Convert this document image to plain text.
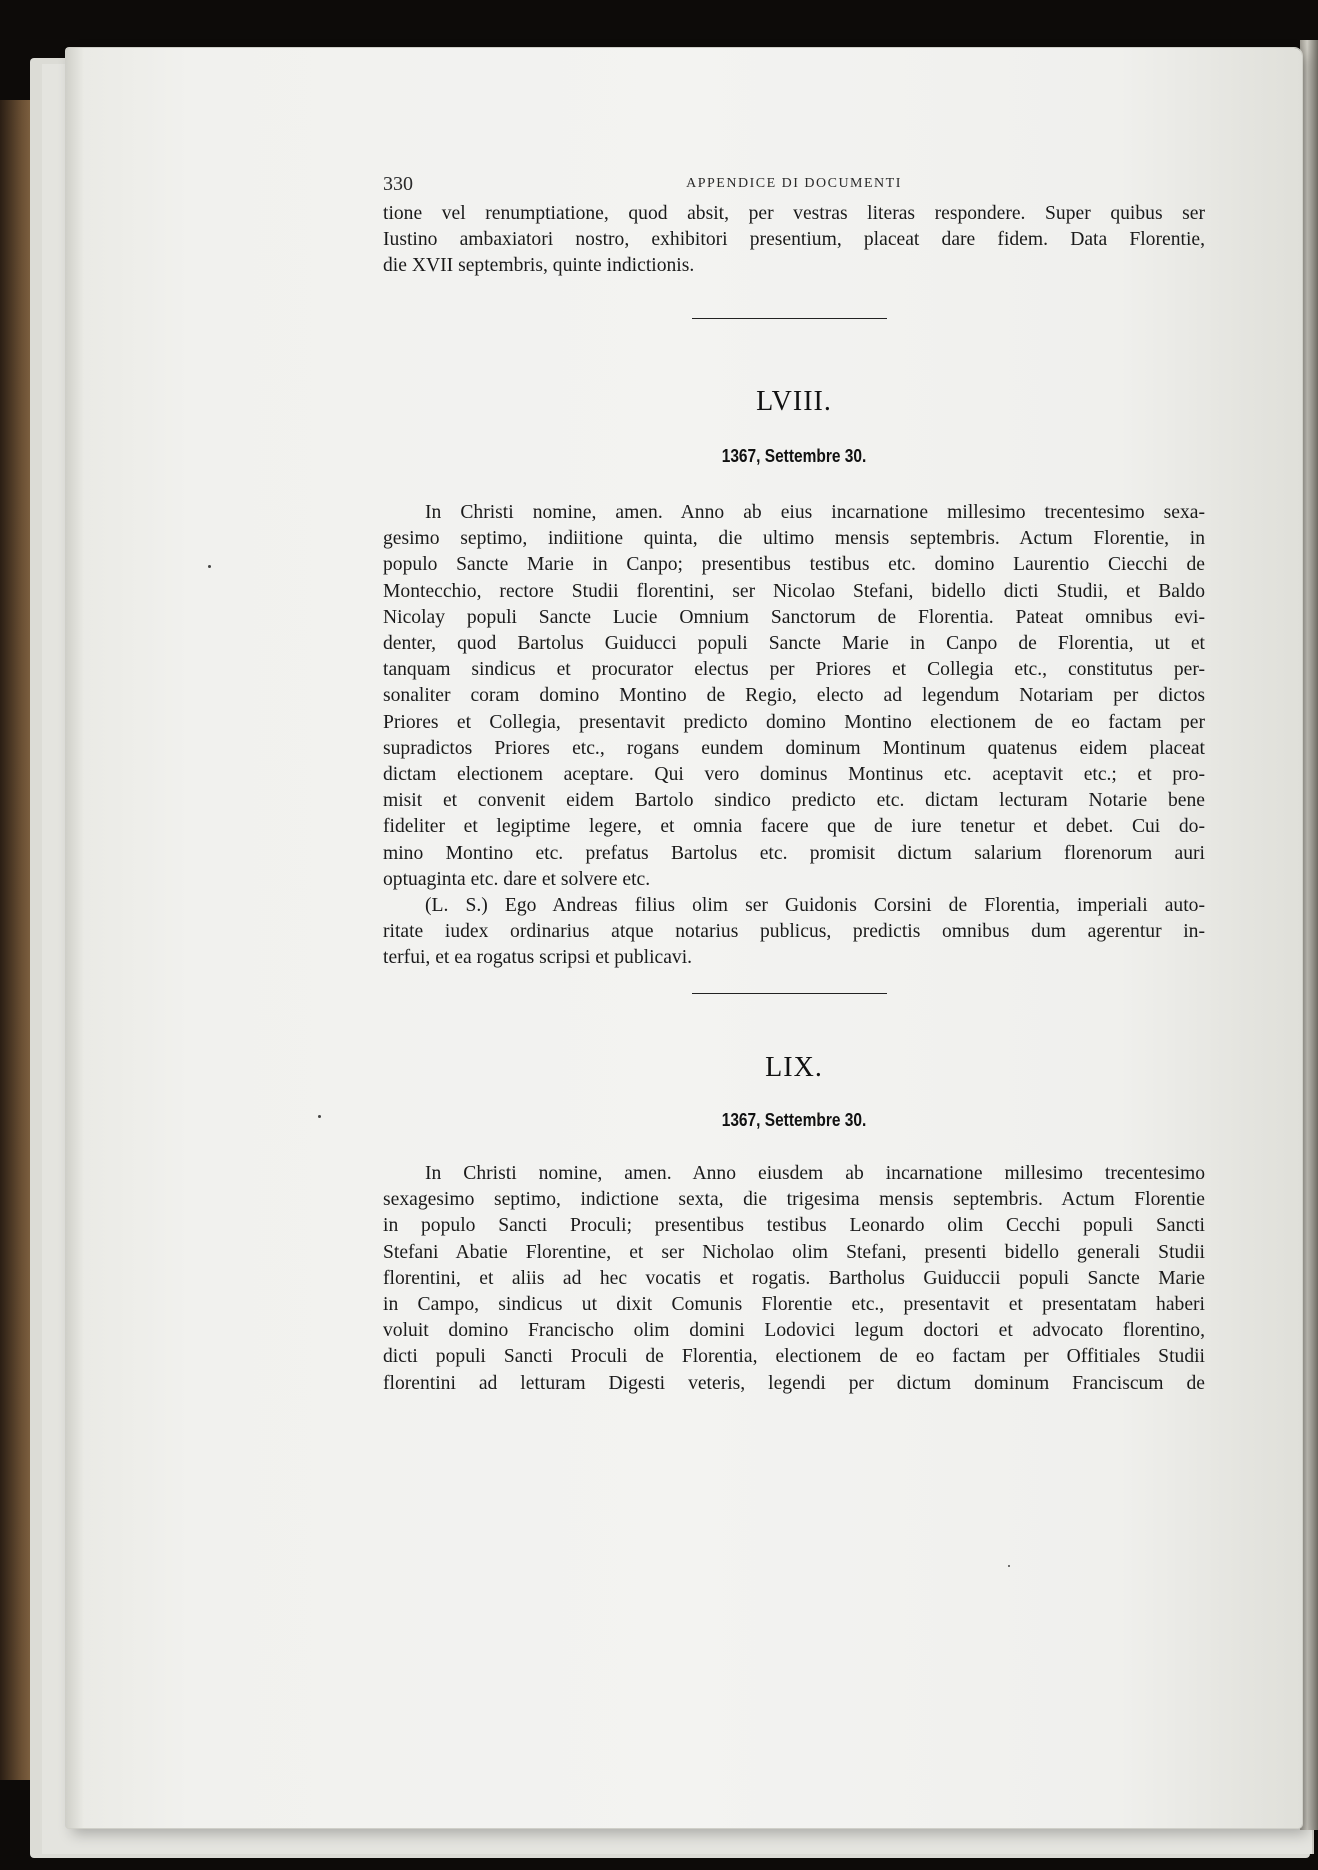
330	APPENDICE DI DOCUMENTI
tione vel renumptiatione, quod absit, per vestras literas respondere. Super quibus ser
Iustino ambaxiatori nostro, exhibitori presentium, placeat dare fidem. Data Florentie,
die XVII septembris, quinte indictionis.
LVIII.
1367, Settembre 30.
In Christi nomine, amen. Anno ab eius incarnatione millesimo trecentesimo sexa-
gesimo septimo, indiitione quinta, die ultimo mensis septembris. Actum Florentie, in
populo Sancte Marie in Canpo; presentibus testibus etc. domino Laurentio Ciecchi de
Montecchio, rectore Studii florentini, ser Nicolao Stefani, bidello dicti Studii, et Baldo
Nicolay populi Sancte Lucie Omnium Sanctorum de Florentia. Pateat omnibus evi-
denter, quod Bartolus Guiducci populi Sancte Marie in Canpo de Florentia, ut et
tanquam sindicus et procurator electus per Priores et Collegia etc., constitutus per-
sonaliter coram domino Montino de Regio, electo ad legendum Notariam per dictos
Priores et Collegia, presentavit predicto domino Montino electionem de eo factam per
supradictos Priores etc., rogans eundem dominum Montinum quatenus eidem placeat
dictam electionem aceptare. Qui vero dominus Montinus etc. aceptavit etc.; et pro-
misit et convenit eidem Bartolo sindico predicto etc. dictam lecturam Notarie bene
fideliter et legiptime legere, et omnia facere que de iure tenetur et debet. Cui do-
mino Montino etc. prefatus Bartolus etc. promisit dictum salarium florenorum auri
optuaginta etc. dare et solvere etc.
(L. S.) Ego Andreas filius olim ser Guidonis Corsini de Florentia, imperiali auto-
ritate iudex ordinarius atque notarius publicus, predictis omnibus dum agerentur in-
terfui, et ea rogatus scripsi et publicavi.
LIX.
1367, Settembre 30.
In Christi nomine, amen. Anno eiusdem ab incarnatione millesimo trecentesimo
sexagesimo septimo, indictione sexta, die trigesima mensis septembris. Actum Florentie
in populo Sancti Proculi; presentibus testibus Leonardo olim Cecchi populi Sancti
Stefani Abatie Florentine, et ser Nicholao olim Stefani, presenti bidello generali Studii
florentini, et aliis ad hec vocatis et rogatis. Bartholus Guiduccii populi Sancte Marie
in Campo, sindicus ut dixit Comunis Florentie etc., presentavit et presentatam haberi
voluit domino Francischo olim domini Lodovici legum doctori et advocato florentino,
dicti populi Sancti Proculi de Florentia, electionem de eo factam per Offitiales Studii
florentini ad letturam Digesti veteris, legendi per dictum dominum Franciscum de
